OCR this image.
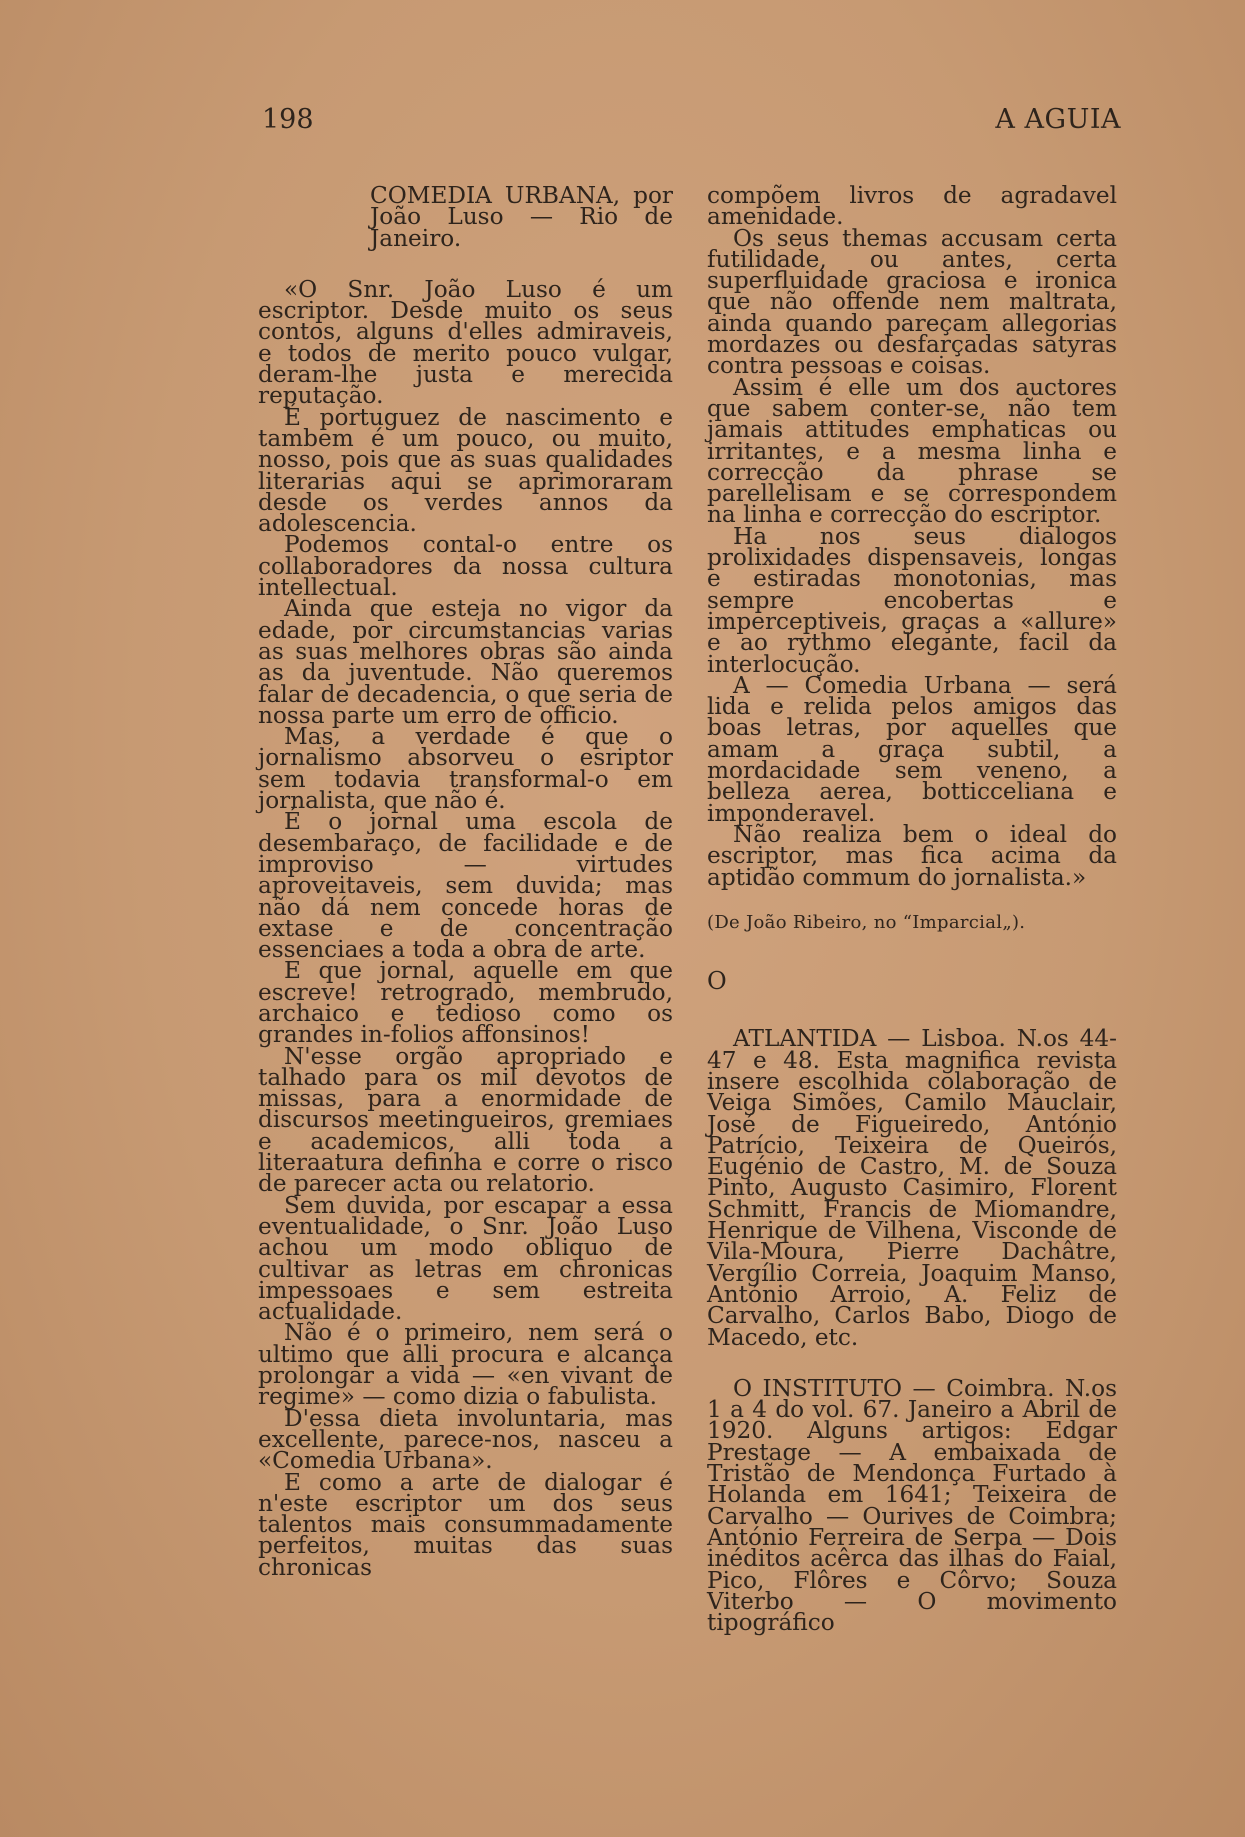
198	A AGUIA

COMEDIA URBANA, por João Luso — Rio de Janeiro.

«O Snr. João Luso é um escriptor. Desde muito os seus contos, alguns d'elles admiraveis, e todos de merito pouco vulgar, deram-lhe justa e merecida reputação.

É portuguez de nascimento e tambem é um pouco, ou muito, nosso, pois que as suas qualidades literarias aqui se aprimoraram desde os verdes annos da adolescencia.

Podemos contal-o entre os collaboradores da nossa cultura intellectual.

Ainda que esteja no vigor da edade, por circumstancias varias as suas melhores obras são ainda as da juventude. Não queremos falar de decadencia, o que seria de nossa parte um erro de officio.

Mas, a verdade é que o jornalismo absorveu o esriptor sem todavia transformal-o em jornalista, que não é.

É o jornal uma escola de desembaraço, de facilidade e de improviso — virtudes aproveitaveis, sem duvida; mas não dá nem concede horas de extase e de concentração essenciaes a toda a obra de arte.

E que jornal, aquelle em que escreve! retrogrado, membrudo, archaico e tedioso como os grandes in-folios affonsinos!

N'esse orgão apropriado e talhado para os mil devotos de missas, para a enormidade de discursos meetingueiros, gremiaes e academicos, alli toda a literaatura definha e corre o risco de parecer acta ou relatorio.

Sem duvida, por escapar a essa eventualidade, o Snr. João Luso achou um modo obliquo de cultivar as letras em chronicas impessoaes e sem estreita actualidade.

Não é o primeiro, nem será o ultimo que alli procura e alcança prolongar a vida — «en vivant de regime» — como dizia o fabulista.

D'essa dieta involuntaria, mas excellente, parece-nos, nasceu a «Comedia Urbana».

E como a arte de dialogar é n'este escriptor um dos seus talentos mais consummadamente perfeitos, muitas das suas chronicas

compõem livros de agradavel amenidade.

Os seus themas accusam certa futilidade, ou antes, certa superfluidade graciosa e ironica que não offende nem maltrata, ainda quando pareçam allegorias mordazes ou desfarçadas satyras contra pessoas e coisas.

Assim é elle um dos auctores que sabem conter-se, não tem jamais attitudes emphaticas ou irritantes, e a mesma linha e correcção da phrase se parellelisam e se correspondem na linha e correcção do escriptor.

Ha nos seus dialogos prolixidades dispensaveis, longas e estiradas monotonias, mas sempre encobertas e imperceptiveis, graças a «allure» e ao rythmo elegante, facil da interlocução.

A — Comedia Urbana — será lida e relida pelos amigos das boas letras, por aquelles que amam a graça subtil, a mordacidade sem veneno, a belleza aerea, botticceliana e imponderavel.

Não realiza bem o ideal do escriptor, mas fica acima da aptidão commum do jornalista.»

(De João Ribeiro, no “Imparcial„).

O

ATLANTIDA — Lisboa. N.os 44-47 e 48. Esta magnifica revista insere escolhida colaboração de Veiga Simões, Camilo Mauclair, José de Figueiredo, António Patrício, Teixeira de Queirós, Eugénio de Castro, M. de Souza Pinto, Augusto Casimiro, Florent Schmitt, Francis de Miomandre, Henrique de Vilhena, Visconde de Vila-Moura, Pierre Dachâtre, Vergílio Correia, Joaquim Manso, António Arroio, A. Feliz de Carvalho, Carlos Babo, Diogo de Macedo, etc.

O INSTITUTO — Coimbra. N.os 1 a 4 do vol. 67. Janeiro a Abril de 1920. Alguns artigos: Edgar Prestage — A embaixada de Tristão de Mendonça Furtado à Holanda em 1641; Teixeira de Carvalho — Ourives de Coimbra; António Ferreira de Serpa — Dois inéditos acêrca das ilhas do Faial, Pico, Flôres e Côrvo; Souza Viterbo — O movimento tipográfico
